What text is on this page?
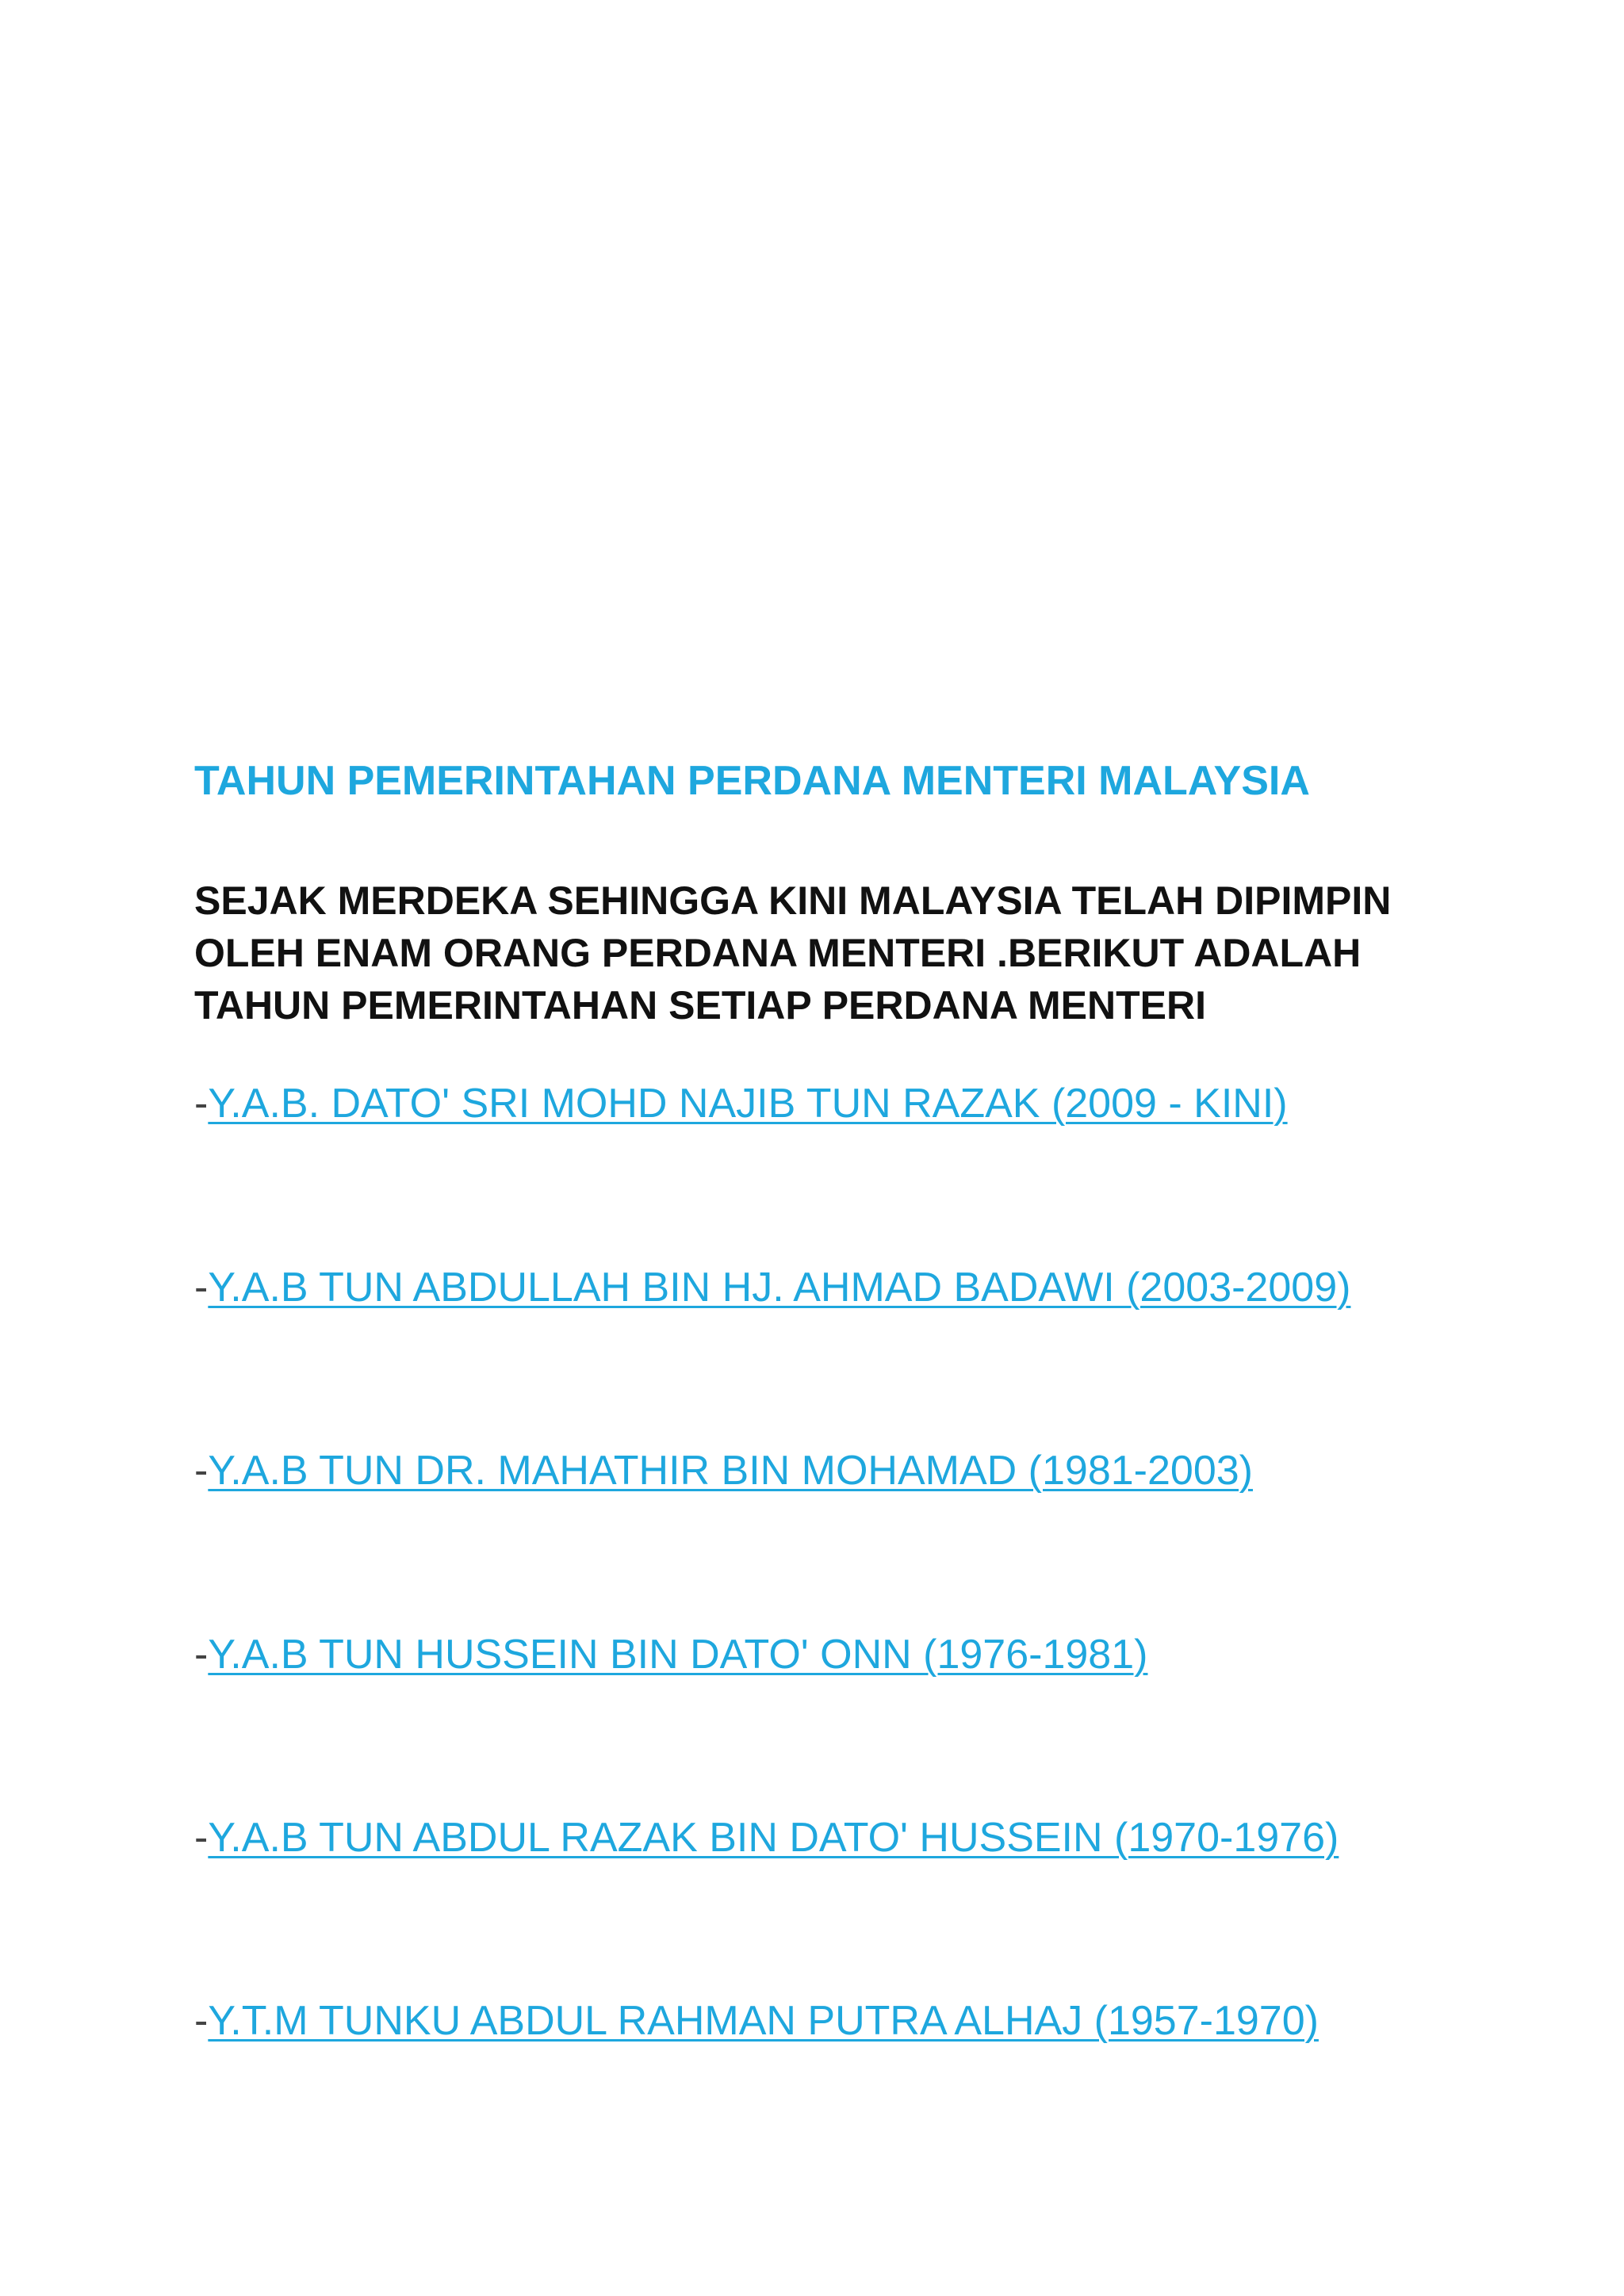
TAHUN PEMERINTAHAN PERDANA MENTERI MALAYSIA

SEJAK MERDEKA SEHINGGA KINI MALAYSIA TELAH DIPIMPIN
OLEH ENAM ORANG PERDANA MENTERI .BERIKUT ADALAH
TAHUN PEMERINTAHAN SETIAP PERDANA MENTERI

-Y.A.B. DATO' SRI MOHD NAJIB TUN RAZAK (2009 - KINI)
-Y.A.B TUN ABDULLAH BIN HJ. AHMAD BADAWI (2003-2009)
-Y.A.B TUN DR. MAHATHIR BIN MOHAMAD (1981-2003)
-Y.A.B TUN HUSSEIN BIN DATO' ONN (1976-1981)
-Y.A.B TUN ABDUL RAZAK BIN DATO' HUSSEIN (1970-1976)
-Y.T.M TUNKU ABDUL RAHMAN PUTRA ALHAJ (1957-1970)
